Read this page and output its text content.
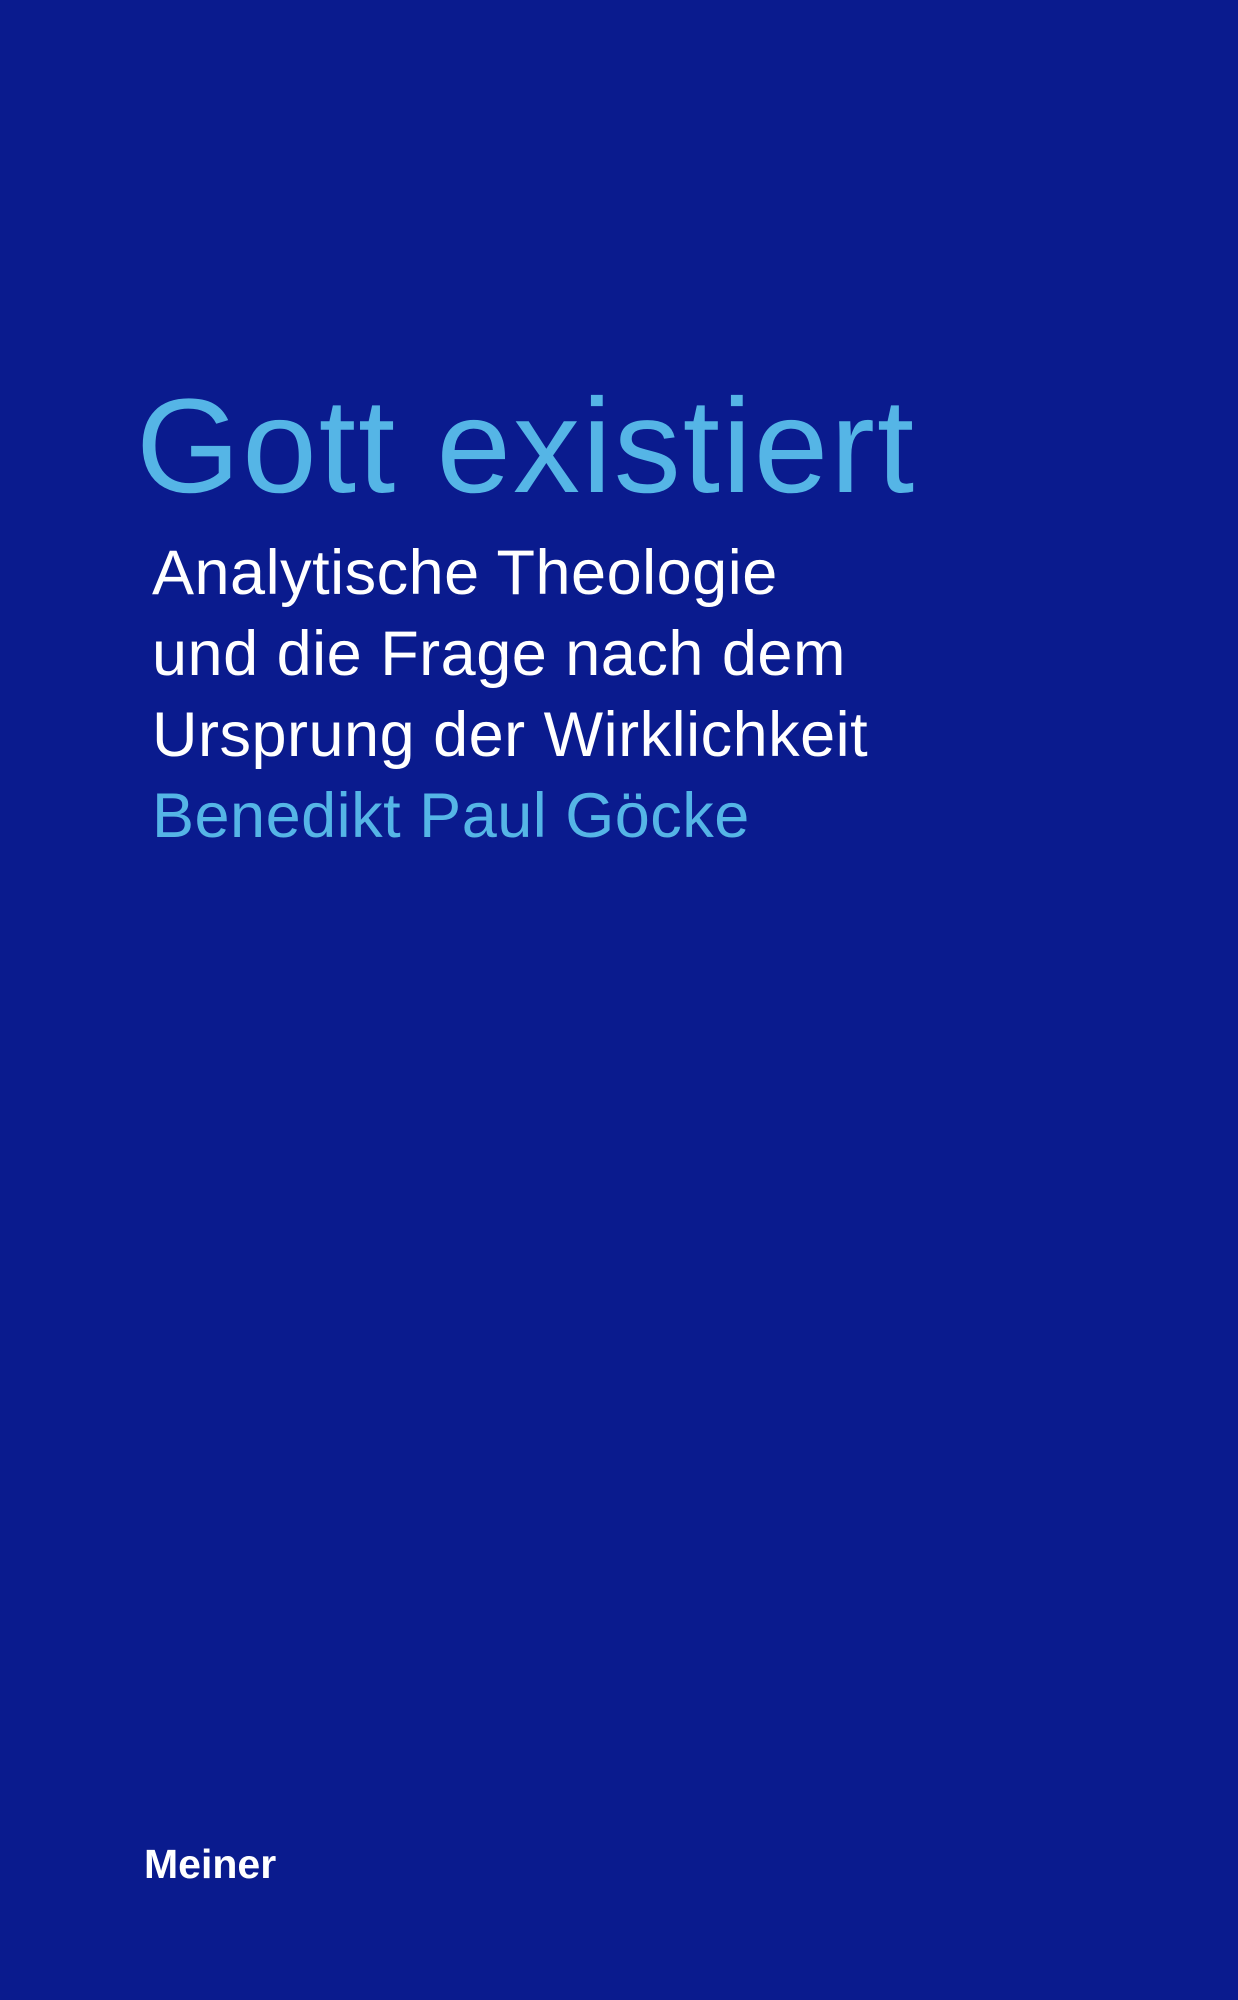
Gott existiert
Analytische Theologie
und die Frage nach dem
Ursprung der Wirklichkeit
Benedikt Paul Göcke
Meiner
